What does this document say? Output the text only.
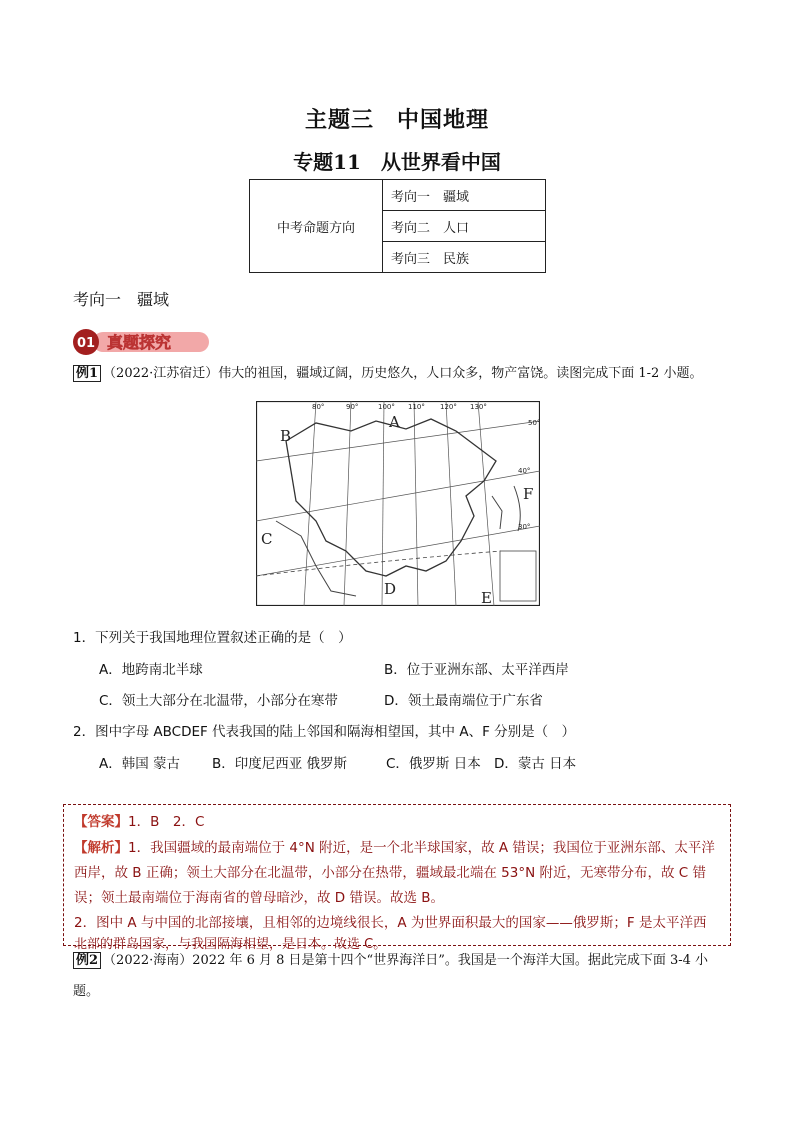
主题三　中国地理
专题11　从世界看中国
中考命题方向	考向一　疆域
考向二　人口
考向三　民族
考向一　疆域
01 真题探究
例1 （2022·江苏宿迁）伟大的祖国，疆域辽阔，历史悠久，人口众多，物产富饶。读图完成下面 1-2 小题。
80°	90°	100° 110° 120° 130°
50°
40°
30°
A
B
C
D	E
F
1．下列关于我国地理位置叙述正确的是（　）
A．地跨南北半球	B．位于亚洲东部、太平洋西岸
C．领土大部分在北温带，小部分在寒带	D．领土最南端位于广东省
2．图中字母 ABCDEF 代表我国的陆上邻国和隔海相望国，其中 A、F 分别是（　）
A．韩国 蒙古 B．印度尼西亚 俄罗斯	C．俄罗斯 日本 D．蒙古 日本
【答案】1．B　2．C
【解析】1．我国疆域的最南端位于 4°N 附近，是一个北半球国家，故 A 错误；我国位于亚洲东部、太平洋
西岸，故 B 正确；领土大部分在北温带，小部分在热带，疆域最北端在 53°N 附近，无寒带分布，故 C 错
误；领土最南端位于海南省的曾母暗沙，故 D 错误。故选 B。
2．图中 A 与中国的北部接壤，且相邻的边境线很长，A 为世界面积最大的国家——俄罗斯；F 是太平洋西
北部的群岛国家，与我国隔海相望，是日本。故选 C。
例2 （2022·海南）2022 年 6 月 8 日是第十四个“世界海洋日”。我国是一个海洋大国。据此完成下面 3-4 小
题。
